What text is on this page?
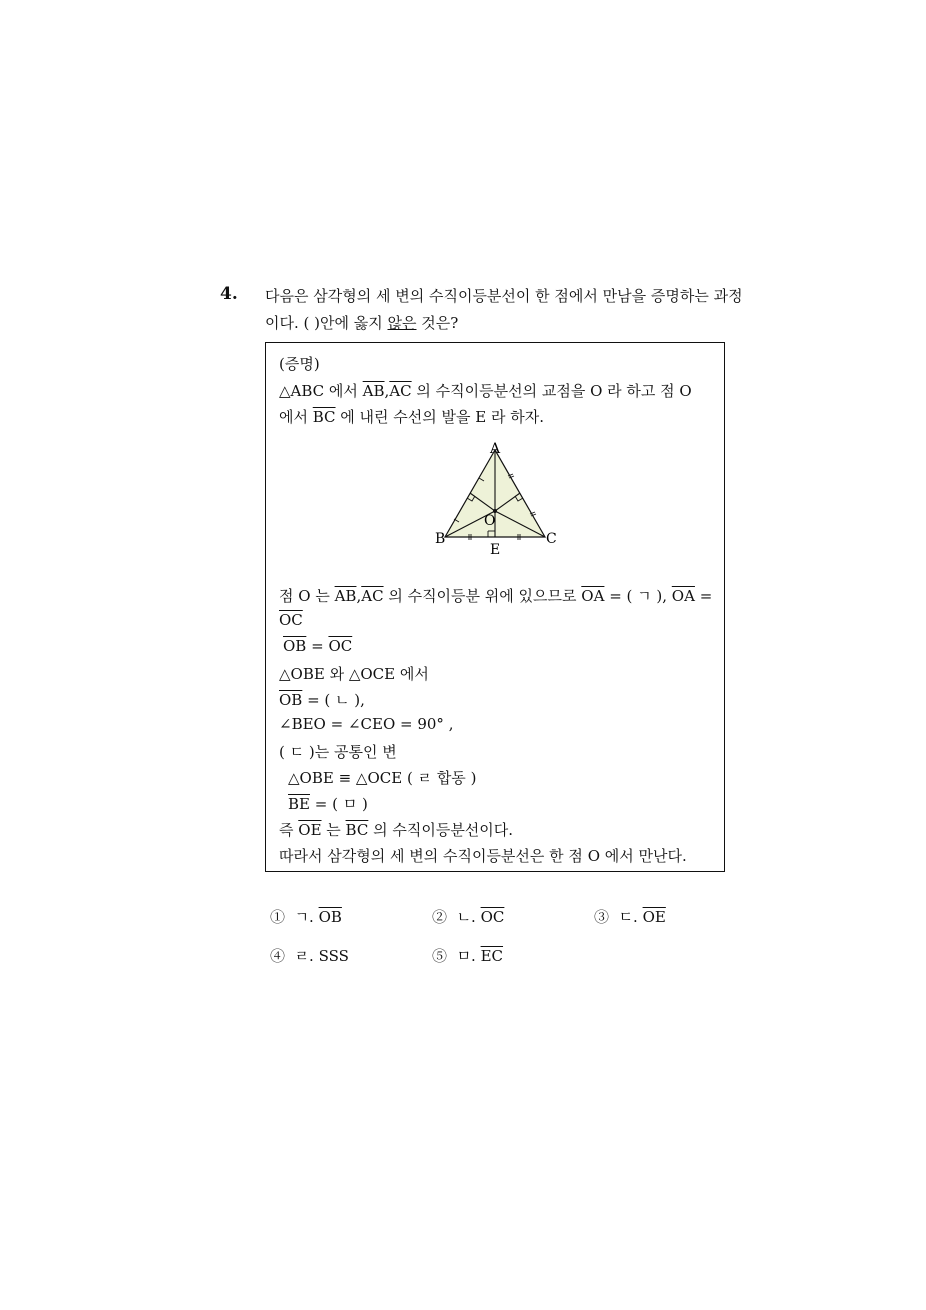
4. 다음은 삼각형의 세 변의 수직이등분선이 한 점에서 만남을 증명하는 과정
이다. ( )안에 옳지 않은 것은?
(증명)
△ABC 에서 $\overline{AB},\overline{AC}$ 의 수직이등분선의 교점을 O 라 하고 점 O
에서 $\overline{BC}$ 에 내린 수선의 발을 E 라 하자.
A
B	C
O
E
점 O 는 $\overline{AB},\overline{AC}$ 의 수직이등분 위에 있으므로 $\overline{OA}$ = ( ㄱ ), $\overline{OA}$ =
$\overline{OC}$
$\overline{OB} = \overline{OC}$
△OBE 와 △OCE 에서
$\overline{OB}$ = ( ㄴ ),
∠BEO = ∠CEO = 90° ,
( ㄷ )는 공통인 변
△OBE ≡ △OCE ( ㄹ 합동 )
$\overline{BE}$ = ( ㅁ )
즉 $\overline{OE}$ 는 $\overline{BC}$ 의 수직이등분선이다.
따라서 삼각형의 세 변의 수직이등분선은 한 점 O 에서 만난다.
① ㄱ. $\overline{OB}$	② ㄴ. $\overline{OC}$	③ ㄷ. $\overline{OE}$
④ ㄹ. SSS	⑤ ㅁ. $\overline{EC}$
